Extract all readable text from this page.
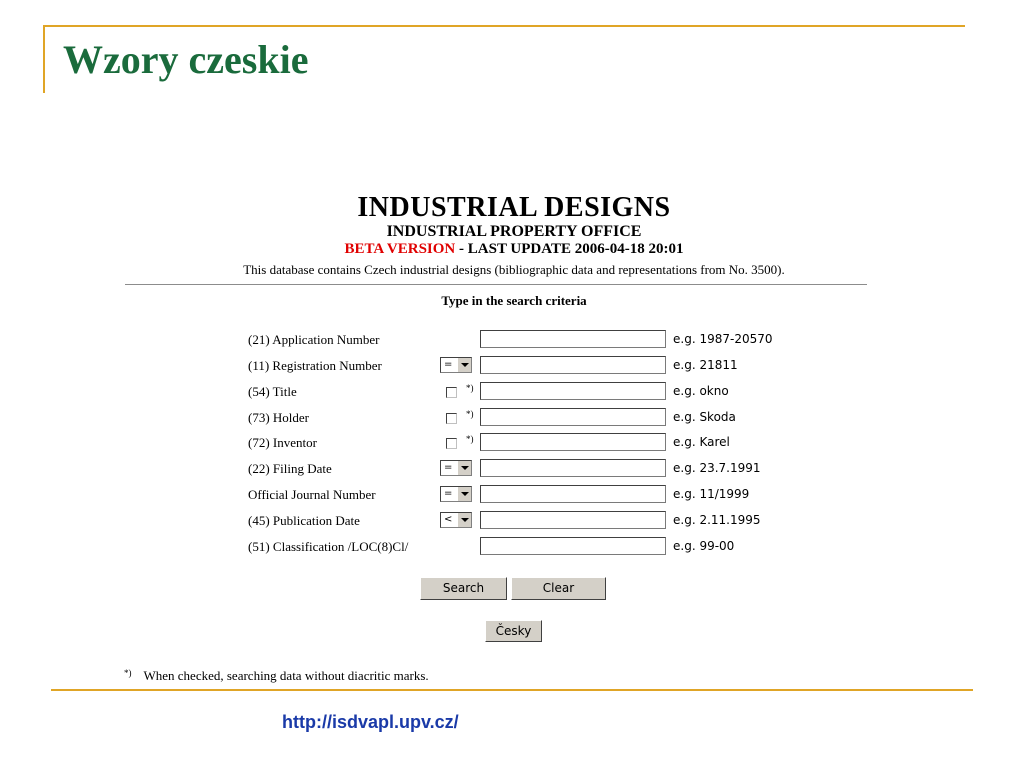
Wzory czeskie
INDUSTRIAL DESIGNS
INDUSTRIAL PROPERTY OFFICE
BETA VERSION - LAST UPDATE 2006-04-18 20:01
This database contains Czech industrial designs (bibliographic data and representations from No. 3500).
Type in the search criteria
(21) Application Number	e.g. 1987-20570
(11) Registration Number	=	e.g. 21811
(54) Title	*)	e.g. okno
(73) Holder	*)	e.g. Skoda
(72) Inventor	*)	e.g. Karel
(22) Filing Date	=	e.g. 23.7.1991
Official Journal Number	=	e.g. 11/1999
(45) Publication Date	<	e.g. 2.11.1995
(51) Classification /LOC(8)Cl/	e.g. 99-00
Search	Clear
Česky
*) When checked, searching data without diacritic marks.
http://isdvapl.upv.cz/
